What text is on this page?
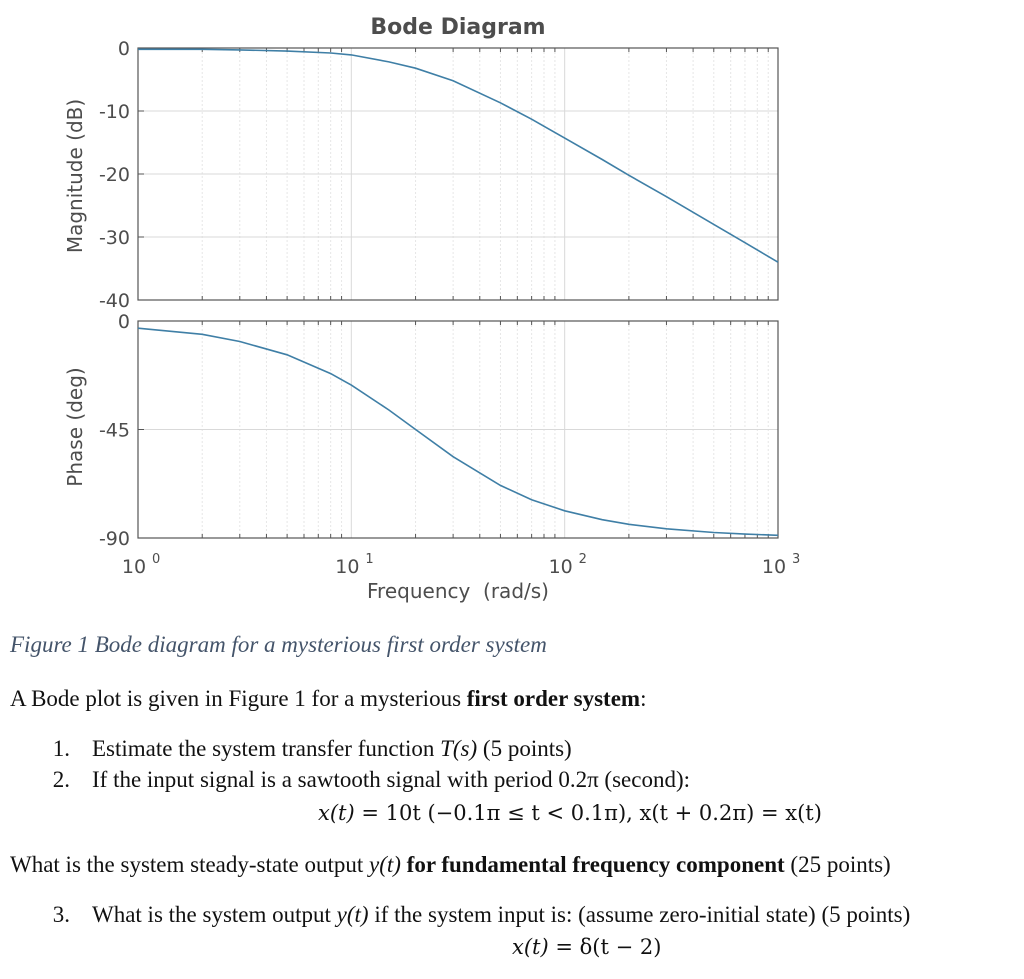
Bode Diagram
0
-10
-20
-30
-40
0
-45
-90
Magnitude (dB)
Phase (deg)
10 0	10 1	10 2	10 3
Frequency  (rad/s)
Figure 1 Bode diagram for a mysterious first order system
A Bode plot is given in Figure 1 for a mysterious first order system:
1. Estimate the system transfer function T(s) (5 points)
2. If the input signal is a sawtooth signal with period 0.2π (second):
x(t) = 10t (−0.1π ≤ t < 0.1π), x(t + 0.2π) = x(t)
What is the system steady-state output y(t) for fundamental frequency component (25 points)
3. What is the system output y(t) if the system input is: (assume zero-initial state) (5 points)
x(t) = δ(t − 2)
